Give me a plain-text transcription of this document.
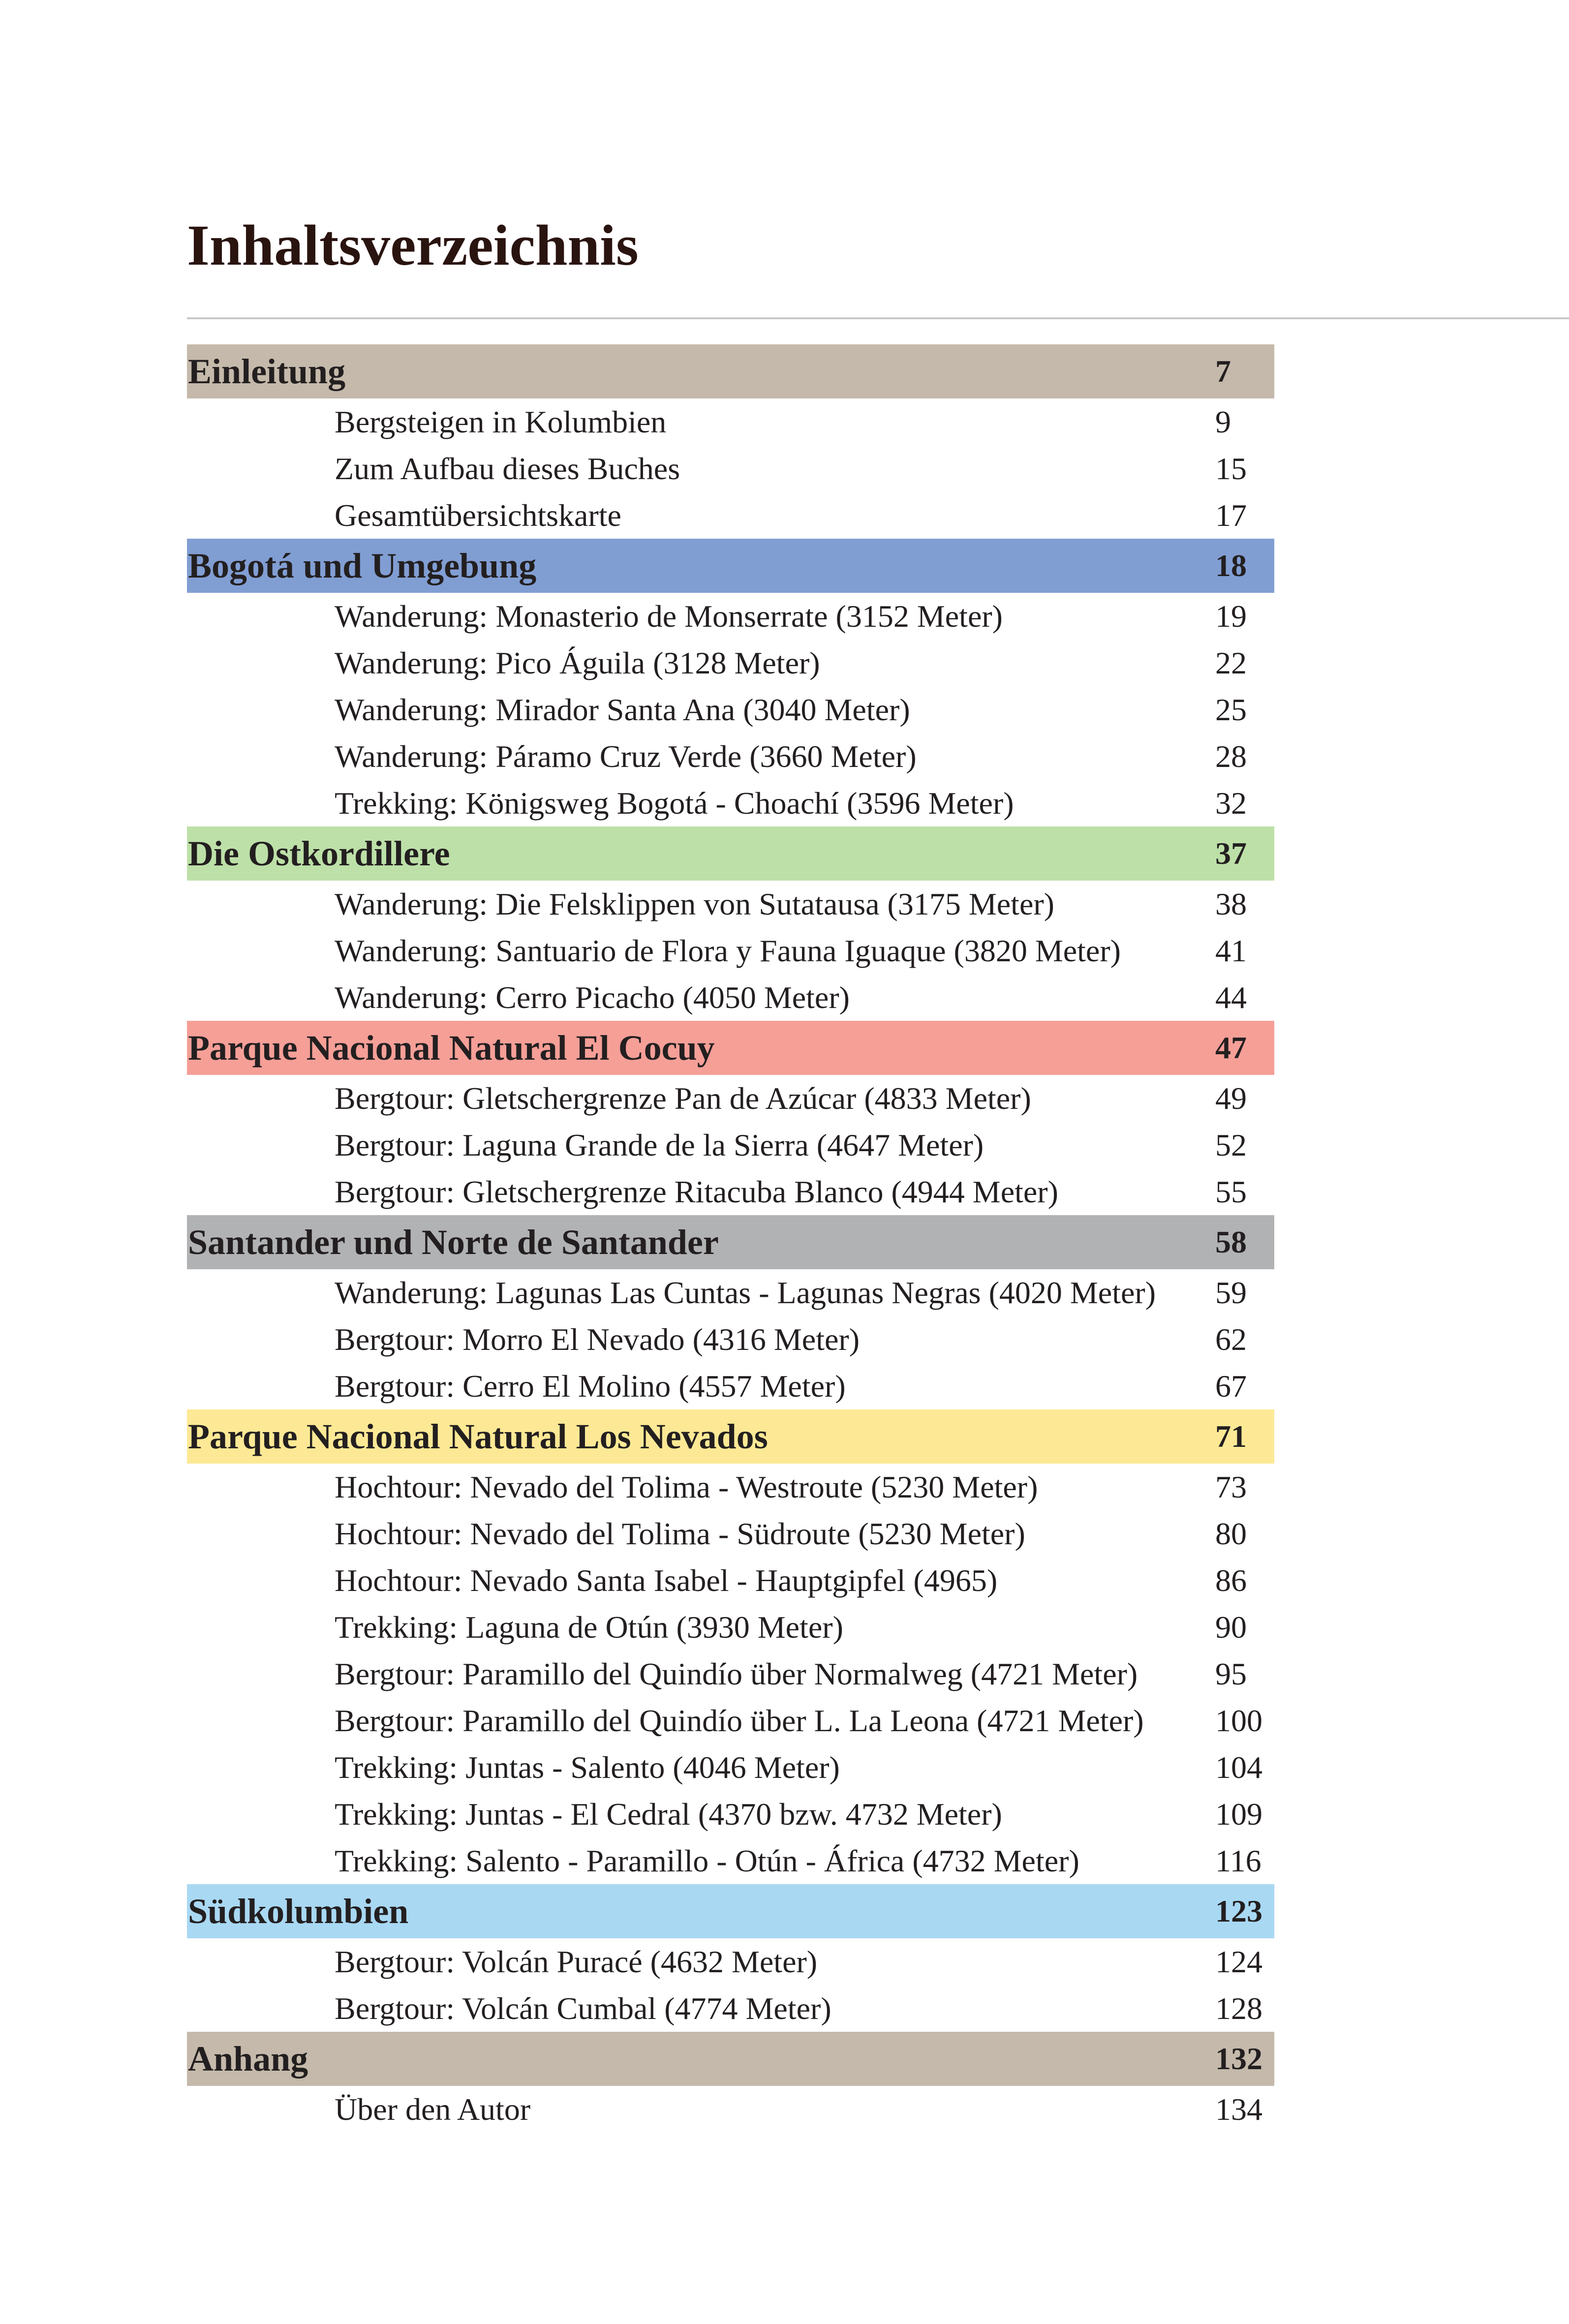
Inhaltsverzeichnis
Einleitung	7
Bergsteigen in Kolumbien	9
Zum Aufbau dieses Buches	15
Gesamtübersichtskarte	17
Bogotá und Umgebung	18
Wanderung: Monasterio de Monserrate (3152 Meter)	19
Wanderung: Pico Águila (3128 Meter)	22
Wanderung: Mirador Santa Ana (3040 Meter)	25
Wanderung: Páramo Cruz Verde (3660 Meter)	28
Trekking: Königsweg Bogotá - Choachí (3596 Meter)	32
Die Ostkordillere	37
Wanderung: Die Felsklippen von Sutatausa (3175 Meter)	38
Wanderung: Santuario de Flora y Fauna Iguaque (3820 Meter)	41
Wanderung: Cerro Picacho (4050 Meter)	44
Parque Nacional Natural El Cocuy	47
Bergtour: Gletschergrenze Pan de Azúcar (4833 Meter)	49
Bergtour: Laguna Grande de la Sierra (4647 Meter)	52
Bergtour: Gletschergrenze Ritacuba Blanco (4944 Meter)	55
Santander und Norte de Santander	58
Wanderung: Lagunas Las Cuntas - Lagunas Negras (4020 Meter) 59
Bergtour: Morro El Nevado (4316 Meter)	62
Bergtour: Cerro El Molino (4557 Meter)	67
Parque Nacional Natural Los Nevados	71
Hochtour: Nevado del Tolima - Westroute (5230 Meter)	73
Hochtour: Nevado del Tolima - Südroute (5230 Meter)	80
Hochtour: Nevado Santa Isabel - Hauptgipfel (4965)	86
Trekking: Laguna de Otún (3930 Meter)	90
Bergtour: Paramillo del Quindío über Normalweg (4721 Meter) 95
Bergtour: Paramillo del Quindío über L. La Leona (4721 Meter) 100
Trekking: Juntas - Salento (4046 Meter)	104
Trekking: Juntas - El Cedral (4370 bzw. 4732 Meter)	109
Trekking: Salento - Paramillo - Otún - África (4732 Meter)	116
Südkolumbien	123
Bergtour: Volcán Puracé (4632 Meter)	124
Bergtour: Volcán Cumbal (4774 Meter)	128
Anhang	132
Über den Autor	134
